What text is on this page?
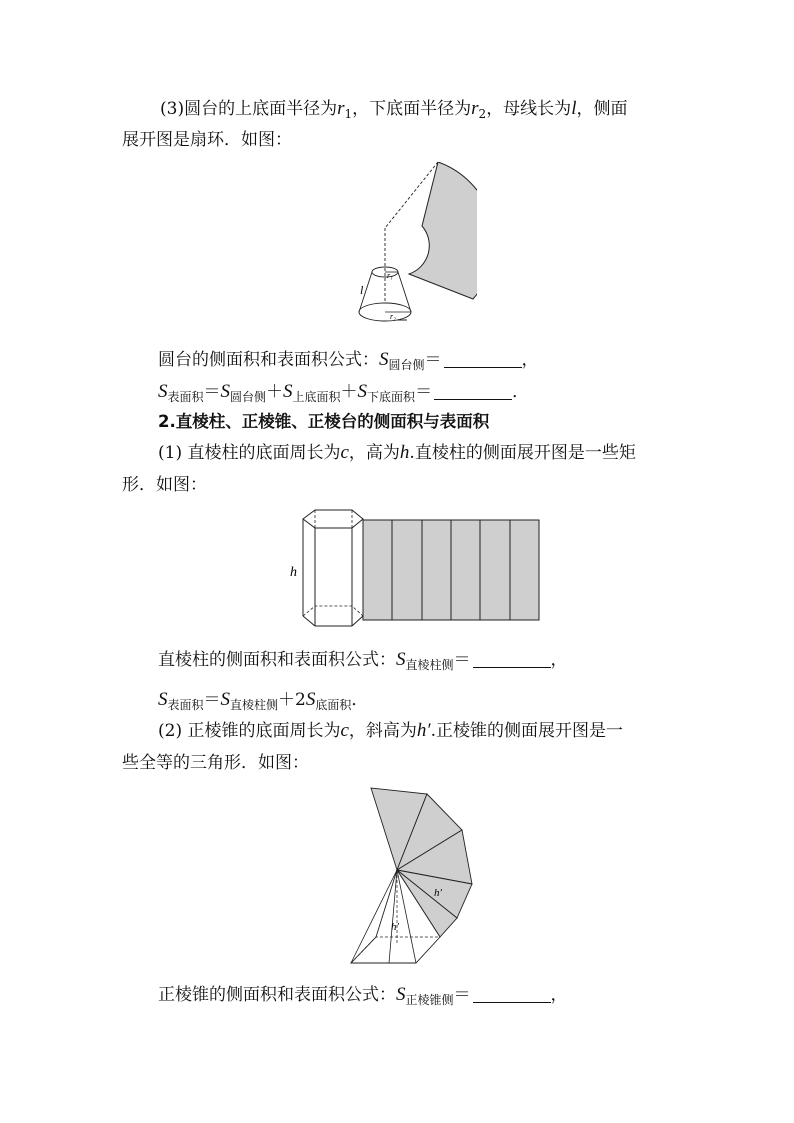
(3)圆台的上底面半径为$r_1$，下底面半径为$r_2$，母线长为l，侧面
展开图是扇环．如图：
l
r₁
r₂
圆台的侧面积和表面积公式：$S_{圆台侧}=$	，
$S_{表面积}=S_{圆台侧}+S_{上底面积}+S_{下底面积}=$	．
2.直棱柱、正棱锥、正棱台的侧面积与表面积
(1) 直棱柱的底面周长为c，高为h.直棱柱的侧面展开图是一些矩
形．如图：
h
直棱柱的侧面积和表面积公式：$S_{直棱柱侧}=$	，
$S_{表面积}=S_{直棱柱侧}+2S_{底面积}$．
(2) 正棱锥的底面周长为c，斜高为h′.正棱锥的侧面展开图是一
些全等的三角形．如图：
h′
h′
正棱锥的侧面积和表面积公式：$S_{正棱锥侧}=$	，
